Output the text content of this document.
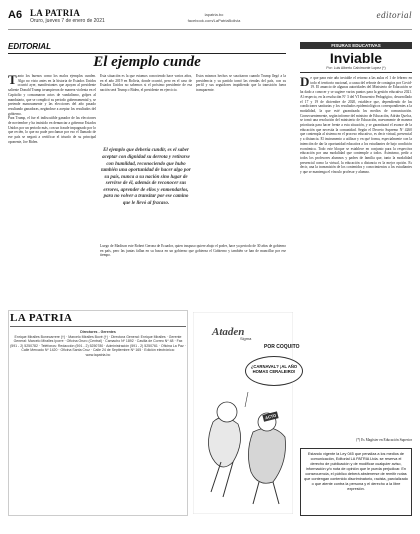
A6 LA PATRIA
Oruro, jueves 7 de enero de 2021
lapatria.bo
facebook.com/LaPatriaBolivia
editorial
EDITORIAL
El ejemplo cunde
T anto los buenos como los malos ejemplos cunden. Algo no visto antes en la historia de Estados Unidos ocurrió ayer, manifestantes que apoyan al presidente saliente Donald Trump irrumpieron de manera violenta en el Capitolio y consumaron actos de vandalismo, golpes al mandatario, que se complicó su periodo gubernamental y, se pretende manosamente y las elecciones del año pasado resultando ganadoras, negándose a aceptar los resultados del gobierno.
Para Trump, el fue el indiscutible ganador de las elecciones de noviembre y ha insistido en denunciar a gobernar Estados Unidos por un periodo más, con un fraude impugnado por lo que recién, lo que no pude proclamar por eso el llamado de ese país se negará a certificar el triunfo de su principal oponente, Joe Biden.
Esta situación es la que estamos conociendo hace varios años, en el año 2019 en Bolivia, donde ocurrió, pero en el caso de Estados Unidos no sabemos si el próximo presidente de esa nación será Trump o Biden, el presidente en ejercicio.
El ejemplo que debería cundir, es el saber aceptar con dignidad su derrota y retirarse con humildad, reconociendo que hubo también una oportunidad de hacer algo por su país, nunca a su nación sino lugar de servirse de él, además de reconocer sus errores, aprender de ellos y enmendarlos, para no volver a transitar por ese camino que le llevó al fracaso.
Luego de Madison este Robert Gerona de Ecuador, quien traspuso quiere abajo el poder, hace ya periodo de 30 años de gobierno en país, pero las juntas fallan en su busca en un gobierno que gobierna el Gobierno y también se han de mancillar por ese tiempo.
Estos mismos hechos se suscitaron cuando Trump llegó a la presidencia y su partido tomó las riendas del país, con su perfil y sus seguidores impidiendo que la transición fuera transparente.
LA PATRIA
Directores - Gerentes
Enrique Miralles Bonecarrere (†) · Marcelo Miralles Bové (†) · Directora General: Enrique Miralles · Gerente General: Marcelo Miralles Iporre · Oficina Oruro (Central) · Camacho Nº 1892 · Casilla de Correo Nº 48 · Fax (591 - 2) 5250782 · Teléfonos: Redacción (591 - 2) 5250780 · Administración (591 - 2) 5250761 · Oficina La Paz · Calle Mercado Nº 1420 · Oficina Santa Cruz · Calle 24 de Septiembre Nº 165 · Edición electrónica: www.lapatria.bo
Ataden
Sigma
POR COQUITO
¿CARNAVAL? ¡AL AÑO HOMAS CERALEIRO!
ACTO
FISURAS EDUCATIVAS
Inviable
Por: Luis Alberto Calvimonte Lopez (*)
D e que para este año inviable el retorno a las aulas el 1 de febrero en todo el territorio nacional, a causa del rebrote de contagios por Covid-19. El anuncio de algunas autoridades del Ministerio de Educación se ha dado a conocer y se sugiere varios puntos para la gestión educativa 2021. Al respecto, en la resolución Nº 3 del VI Encuentro Pedagógico, desarrollado el 17 y 19 de diciembre de 2020, establece que, dependiendo de las condiciones sanitarias y los resultados epidemiológicos correspondientes a la modalidad, la que esté garantizada los medios de comunicación. Consecuentemente, según informe del ministro de Educación, Adrián Quelca, se tomó una resolución del ministerio de Educación, nuevamente de manera prioritaria para hacer frente a esta situación, y se garantizará el avance de la educación que necesita la comunidad. Según el Decreto Supremo Nº 4260 que contempla al sistema en el proceso educativo, es decir virtual, presencial y a distancia. El instrumento a utilizar y en qué forma, especialmente con la intención de dar la oportunidad educativa a los estudiantes de bajo condición económica. Todo este bloque se establece en conjunto para la respectiva educación por una modalidad que contemple a todos. Asimismo, pedir a todos los profesores alumnos y padres de familia que, tanto la modalidad presencial como la virtual, la educación a distancia es la mejor opción. Es decir, una la transmisión de los contenidos y conocimientos a los estudiantes y que se mantenga el vínculo profesor y alumno.
(*) Es Magíster en Educación Superior
Estando vigente la Ley 045 que penaliza a los medios de comunicación, Editorial LA PATRIA Ltda. se reserva el derecho de publicación y de modificar cualquier aviso, información y/o nota de opinión que le pueda perjudicar. En consecuencia, el público deberá abstenerse de remitir notas que contengan contenido discriminatorio, racista, parcializado o que atente contra la persona y el derecho a la libre expresión.
